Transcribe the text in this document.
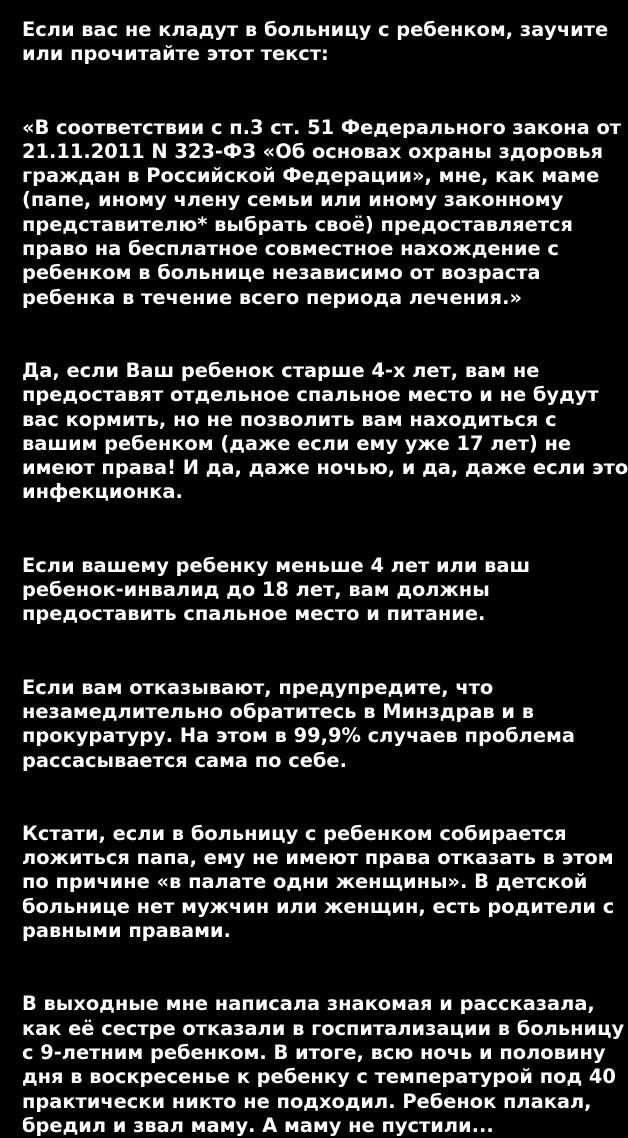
Если вас не кладут в больницу с ребенком, заучите
или прочитайте этот текст:

«В соответствии с п.3 ст. 51 Федерального закона от
21.11.2011 N 323-ФЗ «Об основах охраны здоровья
граждан в Российской Федерации», мне, как маме
(папе, иному члену семьи или иному законному
представителю* выбрать своё) предоставляется
право на бесплатное совместное нахождение с
ребенком в больнице независимо от возраста
ребенка в течение всего периода лечения.»

Да, если Ваш ребенок старше 4-х лет, вам не
предоставят отдельное спальное место и не будут
вас кормить, но не позволить вам находиться с
вашим ребенком (даже если ему уже 17 лет) не
имеют права! И да, даже ночью, и да, даже если это
инфекционка.

Если вашему ребенку меньше 4 лет или ваш
ребенок-инвалид до 18 лет, вам должны
предоставить спальное место и питание.

Если вам отказывают, предупредите, что
незамедлительно обратитесь в Минздрав и в
прокуратуру. На этом в 99,9% случаев проблема
рассасывается сама по себе.

Кстати, если в больницу с ребенком собирается
ложиться папа, ему не имеют права отказать в этом
по причине «в палате одни женщины». В детской
больнице нет мужчин или женщин, есть родители с
равными правами.

В выходные мне написала знакомая и рассказала,
как её сестре отказали в госпитализации в больницу
с 9-летним ребенком. В итоге, всю ночь и половину
дня в воскресенье к ребенку с температурой под 40
практически никто не подходил. Ребенок плакал,
бредил и звал маму. А маму не пустили...
